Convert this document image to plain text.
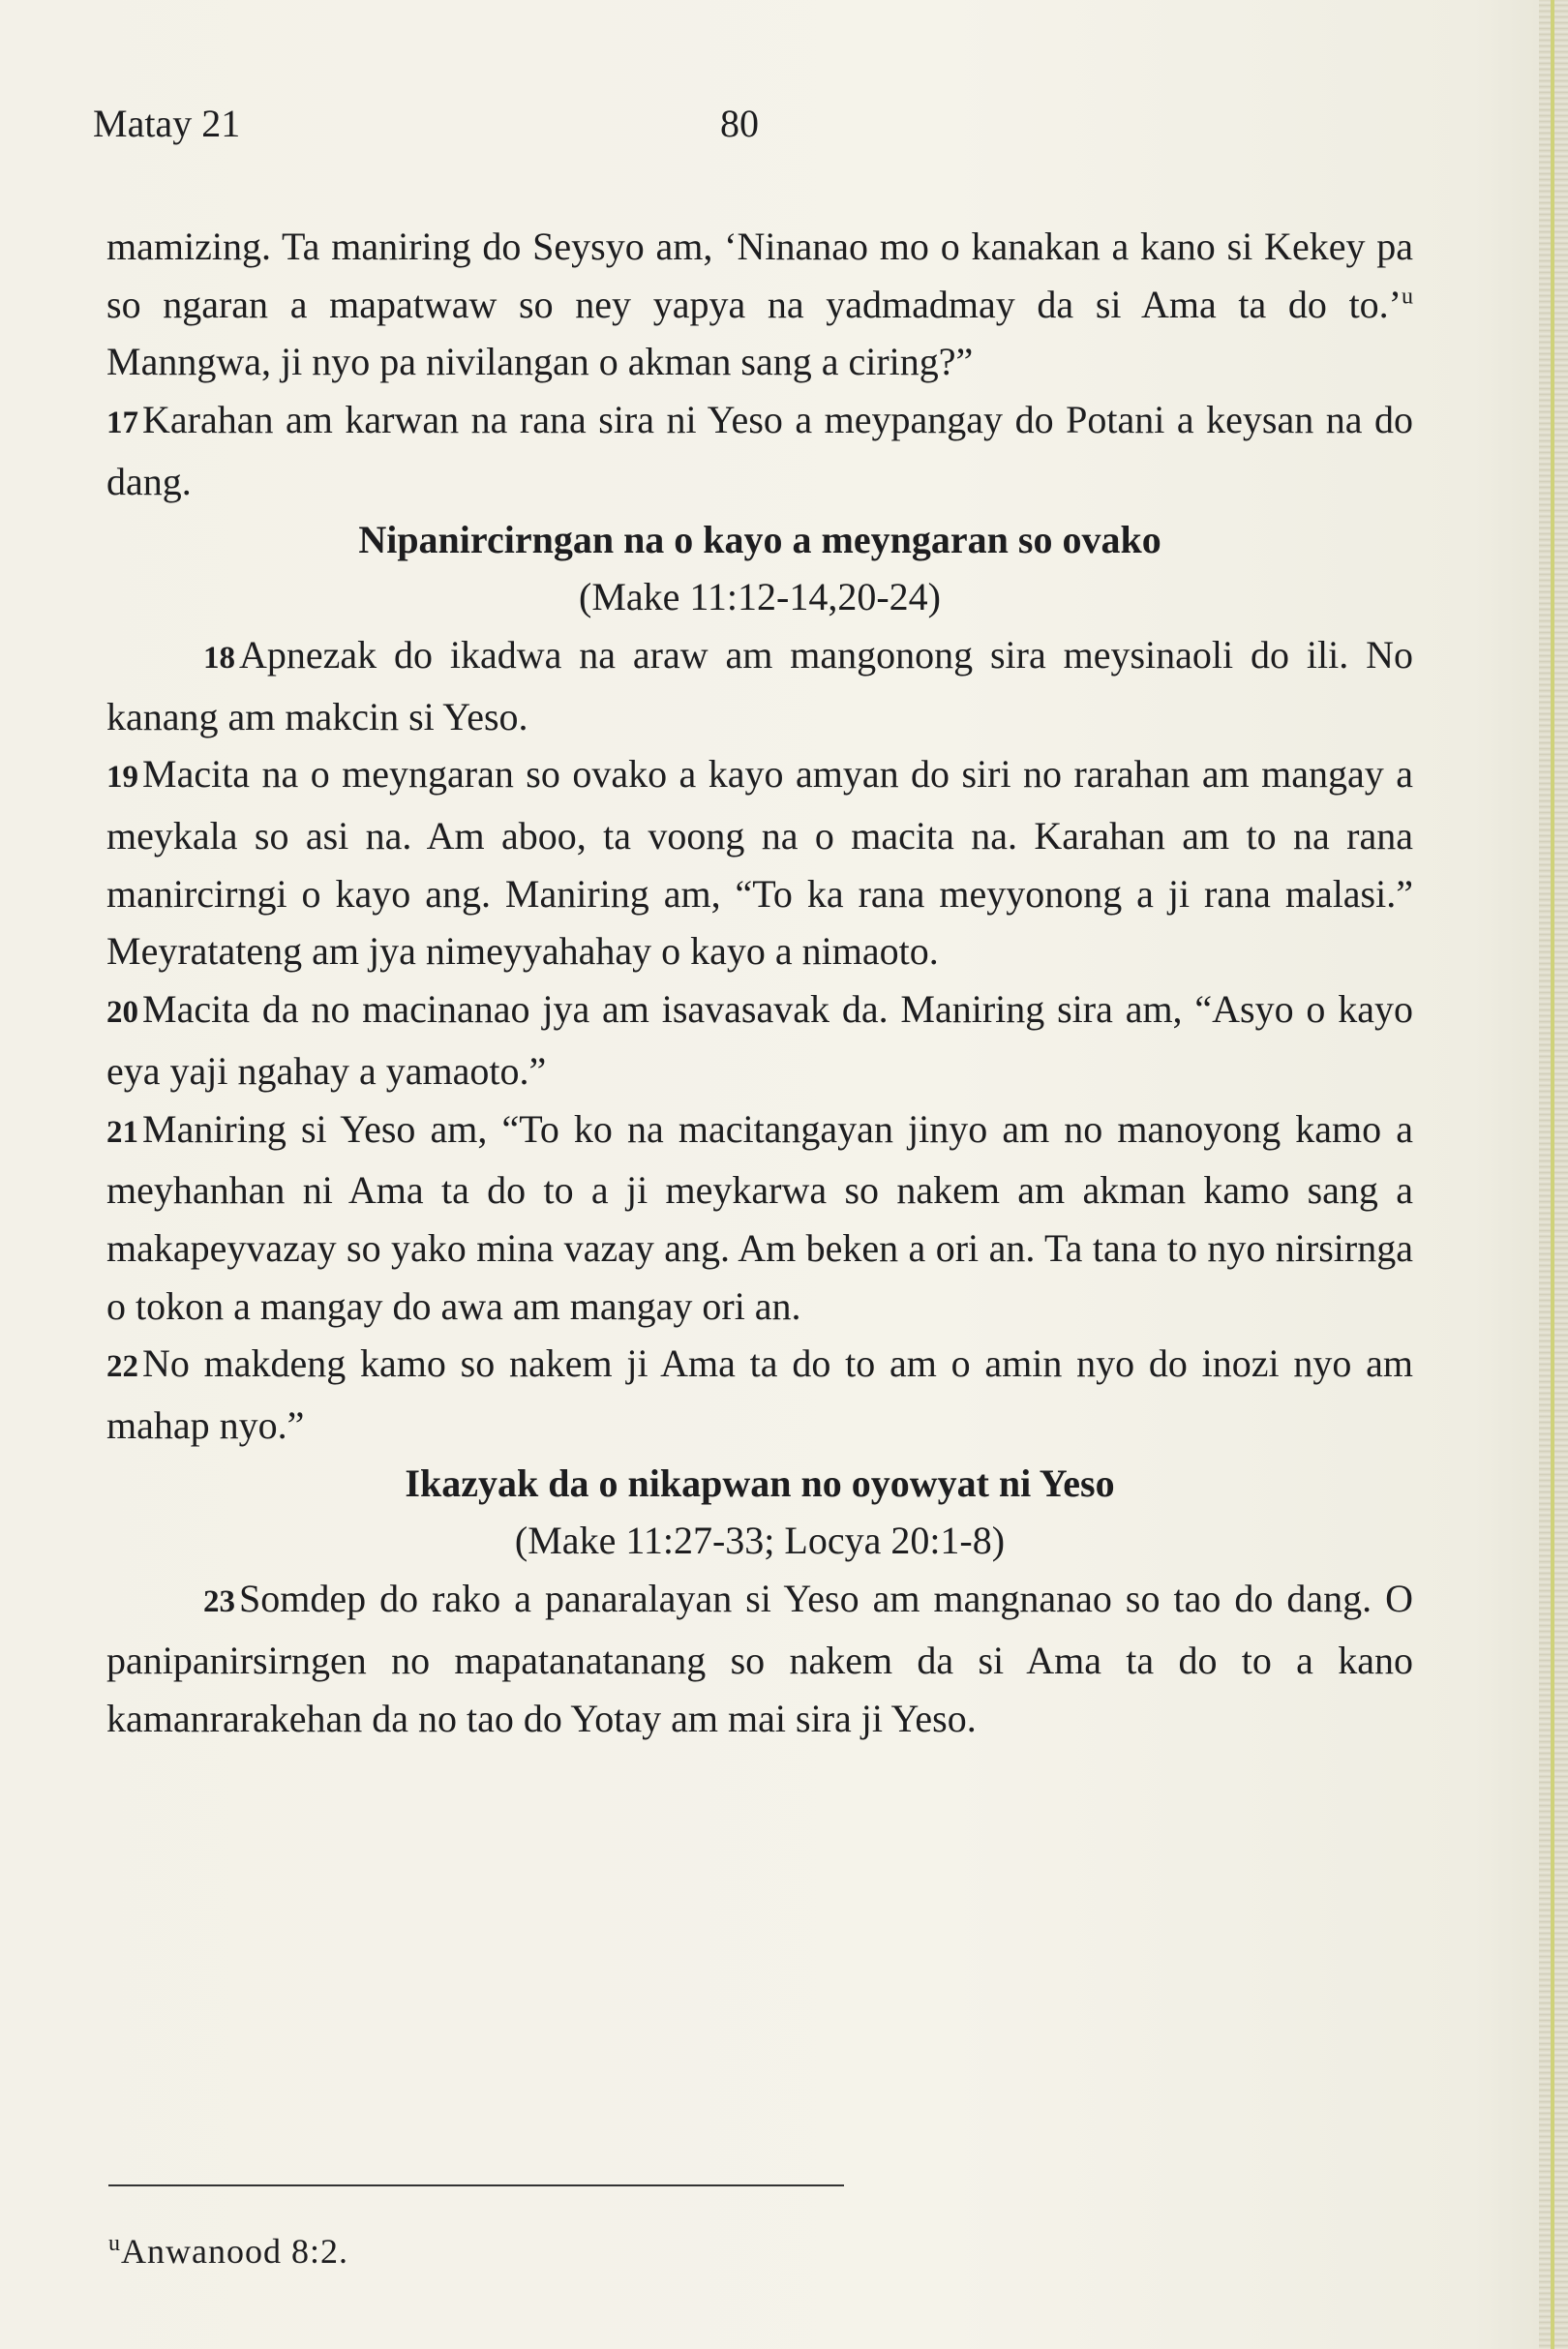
Matay 21	80

mamizing. Ta maniring do Seysyo am, ‘Ninanao mo o kanakan a kano si Kekey pa so ngaran a mapatwaw so ney yapya na yadmadmay da si Ama ta do to.’$^u$ Manngwa, ji nyo pa nivilangan o akman sang a ciring?”

17 Karahan am karwan na rana sira ni Yeso a meypangay do Potani a keysan na do dang.

Nipanircirngan na o kayo a meyngaran so ovako

(Make 11:12-14,20-24)

18 Apnezak do ikadwa na araw am mangonong sira meysinaoli do ili. No kanang am makcin si Yeso.

19 Macita na o meyngaran so ovako a kayo amyan do siri no rarahan am mangay a meykala so asi na. Am aboo, ta voong na o macita na. Karahan am to na rana manircirngi o kayo ang. Maniring am, “To ka rana meyyonong a ji rana malasi.” Meyratateng am jya nimeyyahahay o kayo a nimaoto.

20 Macita da no macinanao jya am isavasavak da. Maniring sira am, “Asyo o kayo eya yaji ngahay a yamaoto.”

21 Maniring si Yeso am, “To ko na macitangayan jinyo am no manoyong kamo a meyhanhan ni Ama ta do to a ji meykarwa so nakem am akman kamo sang a makapeyvazay so yako mina vazay ang. Am beken a ori an. Ta tana to nyo nirsirnga o tokon a mangay do awa am mangay ori an.

22 No makdeng kamo so nakem ji Ama ta do to am o amin nyo do inozi nyo am mahap nyo.”

Ikazyak da o nikapwan no oyowyat ni Yeso

(Make 11:27-33; Locya 20:1-8)

23 Somdep do rako a panaralayan si Yeso am mangnanao so tao do dang. O panipanirsirngen no mapatanatanang so nakem da si Ama ta do to a kano kamanrarakehan da no tao do Yotay am mai sira ji Yeso.

$^u$Anwanood 8:2.
